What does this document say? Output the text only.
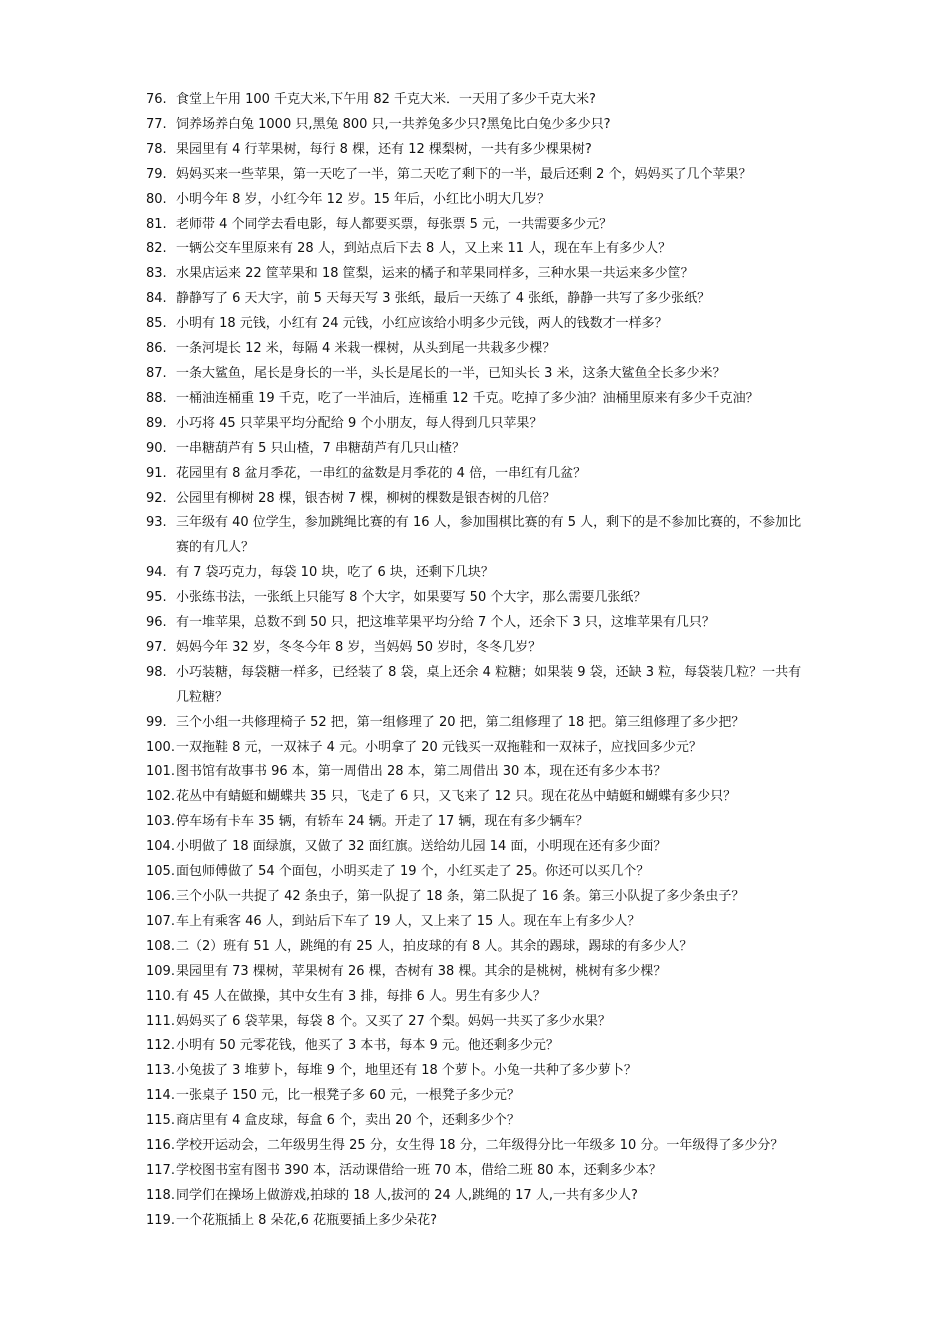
76. 食堂上午用 100 千克大米,下午用 82 千克大米．一天用了多少千克大米?
77. 饲养场养白兔 1000 只,黑兔 800 只,一共养兔多少只?黑兔比白兔少多少只?
78. 果园里有 4 行苹果树，每行 8 棵，还有 12 棵梨树，一共有多少棵果树?
79. 妈妈买来一些苹果，第一天吃了一半，第二天吃了剩下的一半，最后还剩 2 个，妈妈买了几个苹果？
80. 小明今年 8 岁，小红今年 12 岁。15 年后，小红比小明大几岁？
81. 老师带 4 个同学去看电影，每人都要买票，每张票 5 元，一共需要多少元？
82. 一辆公交车里原来有 28 人，到站点后下去 8 人，又上来 11 人，现在车上有多少人？
83. 水果店运来 22 筐苹果和 18 筐梨，运来的橘子和苹果同样多，三种水果一共运来多少筐？
84. 静静写了 6 天大字，前 5 天每天写 3 张纸，最后一天练了 4 张纸，静静一共写了多少张纸？
85. 小明有 18 元钱，小红有 24 元钱，小红应该给小明多少元钱，两人的钱数才一样多？
86. 一条河堤长 12 米，每隔 4 米栽一棵树，从头到尾一共栽多少棵？
87. 一条大鲨鱼，尾长是身长的一半，头长是尾长的一半，已知头长 3 米，这条大鲨鱼全长多少米？
88. 一桶油连桶重 19 千克，吃了一半油后，连桶重 12 千克。吃掉了多少油？油桶里原来有多少千克油？
89. 小巧将 45 只苹果平均分配给 9 个小朋友，每人得到几只苹果？
90. 一串糖葫芦有 5 只山楂，7 串糖葫芦有几只山楂？
91. 花园里有 8 盆月季花，一串红的盆数是月季花的 4 倍，一串红有几盆？
92. 公园里有柳树 28 棵，银杏树 7 棵，柳树的棵数是银杏树的几倍？
93. 三年级有 40 位学生，参加跳绳比赛的有 16 人，参加围棋比赛的有 5 人，剩下的是不参加比赛的，不参加比赛的有几人？
94. 有 7 袋巧克力，每袋 10 块，吃了 6 块，还剩下几块？
95. 小张练书法，一张纸上只能写 8 个大字，如果要写 50 个大字，那么需要几张纸？
96. 有一堆苹果，总数不到 50 只，把这堆苹果平均分给 7 个人，还余下 3 只，这堆苹果有几只？
97. 妈妈今年 32 岁，冬冬今年 8 岁，当妈妈 50 岁时，冬冬几岁？
98. 小巧装糖，每袋糖一样多，已经装了 8 袋，桌上还余 4 粒糖；如果装 9 袋，还缺 3 粒，每袋装几粒？一共有几粒糖？
99. 三个小组一共修理椅子 52 把，第一组修理了 20 把，第二组修理了 18 把。第三组修理了多少把？
100. 一双拖鞋 8 元，一双袜子 4 元。小明拿了 20 元钱买一双拖鞋和一双袜子，应找回多少元？
101. 图书馆有故事书 96 本，第一周借出 28 本，第二周借出 30 本，现在还有多少本书？
102. 花丛中有蜻蜓和蝴蝶共 35 只，飞走了 6 只，又飞来了 12 只。现在花丛中蜻蜓和蝴蝶有多少只？
103. 停车场有卡车 35 辆，有轿车 24 辆。开走了 17 辆，现在有多少辆车？
104. 小明做了 18 面绿旗，又做了 32 面红旗。送给幼儿园 14 面，小明现在还有多少面？
105. 面包师傅做了 54 个面包，小明买走了 19 个，小红买走了 25。你还可以买几个？
106. 三个小队一共捉了 42 条虫子，第一队捉了 18 条，第二队捉了 16 条。第三小队捉了多少条虫子？
107. 车上有乘客 46 人，到站后下车了 19 人，又上来了 15 人。现在车上有多少人？
108. 二（2）班有 51 人，跳绳的有 25 人，拍皮球的有 8 人。其余的踢球，踢球的有多少人？
109. 果园里有 73 棵树，苹果树有 26 棵，杏树有 38 棵。其余的是桃树，桃树有多少棵？
110. 有 45 人在做操，其中女生有 3 排，每排 6 人。男生有多少人？
111. 妈妈买了 6 袋苹果，每袋 8 个。又买了 27 个梨。妈妈一共买了多少水果？
112. 小明有 50 元零花钱，他买了 3 本书，每本 9 元。他还剩多少元？
113. 小兔拔了 3 堆萝卜，每堆 9 个，地里还有 18 个萝卜。小兔一共种了多少萝卜？
114. 一张桌子 150 元，比一根凳子多 60 元，一根凳子多少元？
115. 商店里有 4 盒皮球，每盒 6 个，卖出 20 个，还剩多少个？
116. 学校开运动会，二年级男生得 25 分，女生得 18 分，二年级得分比一年级多 10 分。一年级得了多少分？
117. 学校图书室有图书 390 本，活动课借给一班 70 本，借给二班 80 本，还剩多少本？
118. 同学们在操场上做游戏,拍球的 18 人,拔河的 24 人,跳绳的 17 人,一共有多少人?
119. 一个花瓶插上 8 朵花,6 花瓶要插上多少朵花?
